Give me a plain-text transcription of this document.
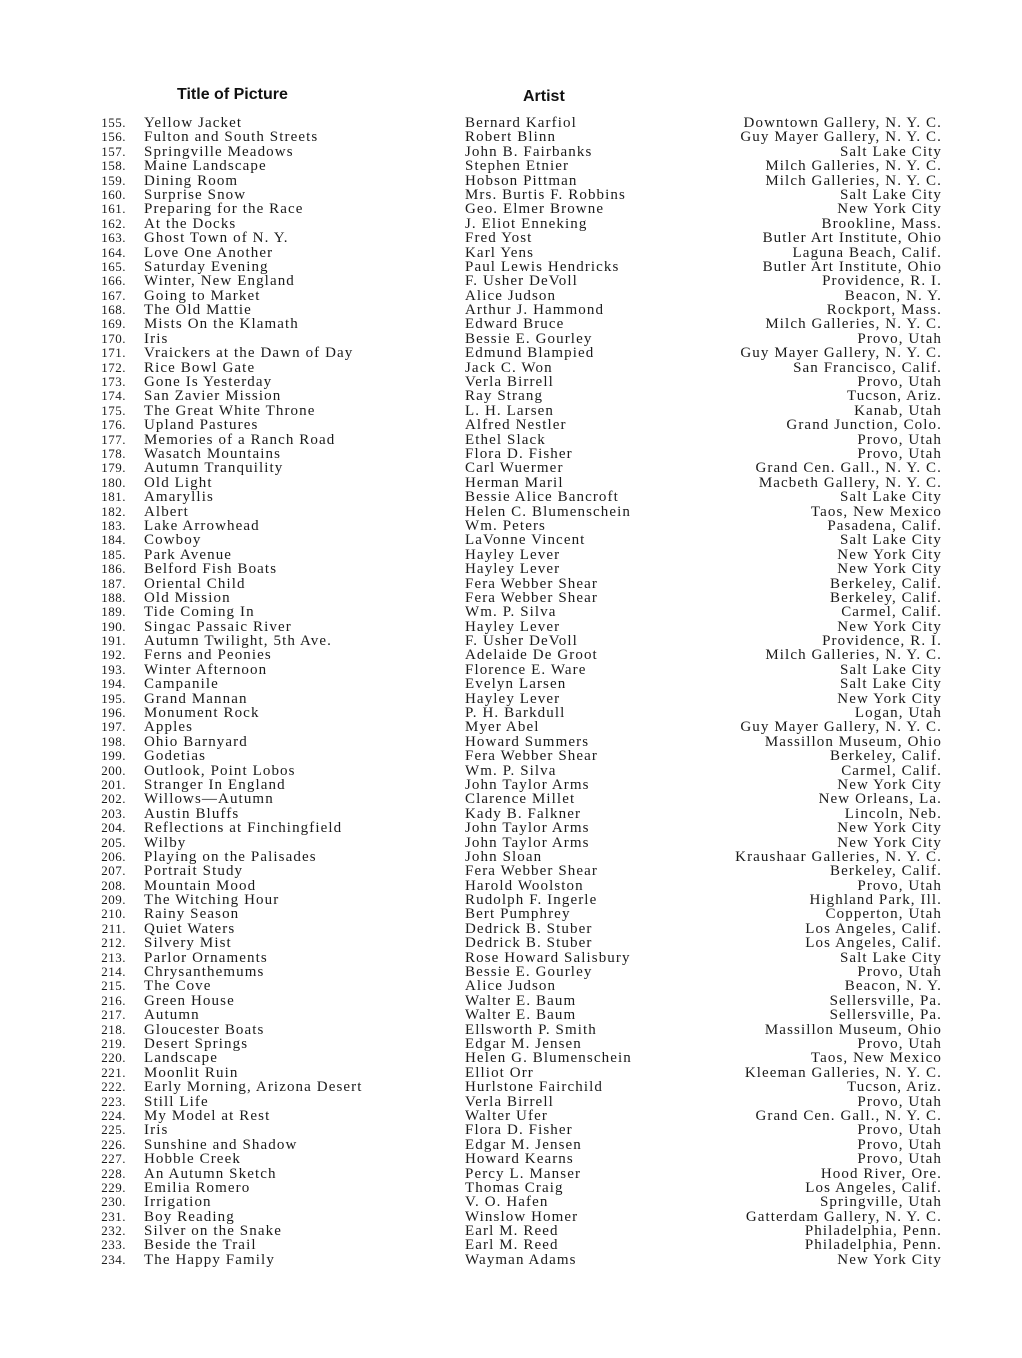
Title of Picture	Artist
155. Yellow Jacket	Bernard Karfiol	Downtown Gallery, N. Y. C.
156. Fulton and South Streets	Robert Blinn	Guy Mayer Gallery, N. Y. C.
157. Springville Meadows	John B. Fairbanks	Salt Lake City
158. Maine Landscape	Stephen Etnier	Milch Galleries, N. Y. C.
159. Dining Room	Hobson Pittman	Milch Galleries, N. Y. C.
160. Surprise Snow	Mrs. Burtis F. Robbins	Salt Lake City
161. Preparing for the Race	Geo. Elmer Browne	New York City
162. At the Docks	J. Eliot Enneking	Brookline, Mass.
163. Ghost Town of N. Y.	Fred Yost	Butler Art Institute, Ohio
164. Love One Another	Karl Yens	Laguna Beach, Calif.
165. Saturday Evening	Paul Lewis Hendricks	Butler Art Institute, Ohio
166. Winter, New England	F. Usher DeVoll	Providence, R. I.
167. Going to Market	Alice Judson	Beacon, N. Y.
168. The Old Mattie	Arthur J. Hammond	Rockport, Mass.
169. Mists On the Klamath	Edward Bruce	Milch Galleries, N. Y. C.
170. Iris	Bessie E. Gourley	Provo, Utah
171. Vraickers at the Dawn of Day	Edmund Blampied	Guy Mayer Gallery, N. Y. C.
172. Rice Bowl Gate	Jack C. Won	San Francisco, Calif.
173. Gone Is Yesterday	Verla Birrell	Provo, Utah
174. San Zavier Mission	Ray Strang	Tucson, Ariz.
175. The Great White Throne	L. H. Larsen	Kanab, Utah
176. Upland Pastures	Alfred Nestler	Grand Junction, Colo.
177. Memories of a Ranch Road	Ethel Slack	Provo, Utah
178. Wasatch Mountains	Flora D. Fisher	Provo, Utah
179. Autumn Tranquility	Carl Wuermer	Grand Cen. Gall., N. Y. C.
180. Old Light	Herman Maril	Macbeth Gallery, N. Y. C.
181. Amaryllis	Bessie Alice Bancroft	Salt Lake City
182. Albert	Helen C. Blumenschein	Taos, New Mexico
183. Lake Arrowhead	Wm. Peters	Pasadena, Calif.
184. Cowboy	LaVonne Vincent	Salt Lake City
185. Park Avenue	Hayley Lever	New York City
186. Belford Fish Boats	Hayley Lever	New York City
187. Oriental Child	Fera Webber Shear	Berkeley, Calif.
188. Old Mission	Fera Webber Shear	Berkeley, Calif.
189. Tide Coming In	Wm. P. Silva	Carmel, Calif.
190. Singac Passaic River	Hayley Lever	New York City
191. Autumn Twilight, 5th Ave.	F. Usher DeVoll	Providence, R. I.
192. Ferns and Peonies	Adelaide De Groot	Milch Galleries, N. Y. C.
193. Winter Afternoon	Florence E. Ware	Salt Lake City
194. Campanile	Evelyn Larsen	Salt Lake City
195. Grand Mannan	Hayley Lever	New York City
196. Monument Rock	P. H. Barkdull	Logan, Utah
197. Apples	Myer Abel	Guy Mayer Gallery, N. Y. C.
198. Ohio Barnyard	Howard Summers	Massillon Museum, Ohio
199. Godetias	Fera Webber Shear	Berkeley, Calif.
200. Outlook, Point Lobos	Wm. P. Silva	Carmel, Calif.
201. Stranger In England	John Taylor Arms	New York City
202. Willows—Autumn	Clarence Millet	New Orleans, La.
203. Austin Bluffs	Kady B. Falkner	Lincoln, Neb.
204. Reflections at Finchingfield	John Taylor Arms	New York City
205. Wilby	John Taylor Arms	New York City
206. Playing on the Palisades	John Sloan	Kraushaar Galleries, N. Y. C.
207. Portrait Study	Fera Webber Shear	Berkeley, Calif.
208. Mountain Mood	Harold Woolston	Provo, Utah
209. The Witching Hour	Rudolph F. Ingerle	Highland Park, Ill.
210. Rainy Season	Bert Pumphrey	Copperton, Utah
211. Quiet Waters	Dedrick B. Stuber	Los Angeles, Calif.
212. Silvery Mist	Dedrick B. Stuber	Los Angeles, Calif.
213. Parlor Ornaments	Rose Howard Salisbury	Salt Lake City
214. Chrysanthemums	Bessie E. Gourley	Provo, Utah
215. The Cove	Alice Judson	Beacon, N. Y.
216. Green House	Walter E. Baum	Sellersville, Pa.
217. Autumn	Walter E. Baum	Sellersville, Pa.
218. Gloucester Boats	Ellsworth P. Smith	Massillon Museum, Ohio
219. Desert Springs	Edgar M. Jensen	Provo, Utah
220. Landscape	Helen G. Blumenschein	Taos, New Mexico
221. Moonlit Ruin	Elliot Orr	Kleeman Galleries, N. Y. C.
222. Early Morning, Arizona Desert	Hurlstone Fairchild	Tucson, Ariz.
223. Still Life	Verla Birrell	Provo, Utah
224. My Model at Rest	Walter Ufer	Grand Cen. Gall., N. Y. C.
225. Iris	Flora D. Fisher	Provo, Utah
226. Sunshine and Shadow	Edgar M. Jensen	Provo, Utah
227. Hobble Creek	Howard Kearns	Provo, Utah
228. An Autumn Sketch	Percy L. Manser	Hood River, Ore.
229. Emilia Romero	Thomas Craig	Los Angeles, Calif.
230. Irrigation	V. O. Hafen	Springville, Utah
231. Boy Reading	Winslow Homer	Gatterdam Gallery, N. Y. C.
232. Silver on the Snake	Earl M. Reed	Philadelphia, Penn.
233. Beside the Trail	Earl M. Reed	Philadelphia, Penn.
234. The Happy Family	Wayman Adams	New York City
